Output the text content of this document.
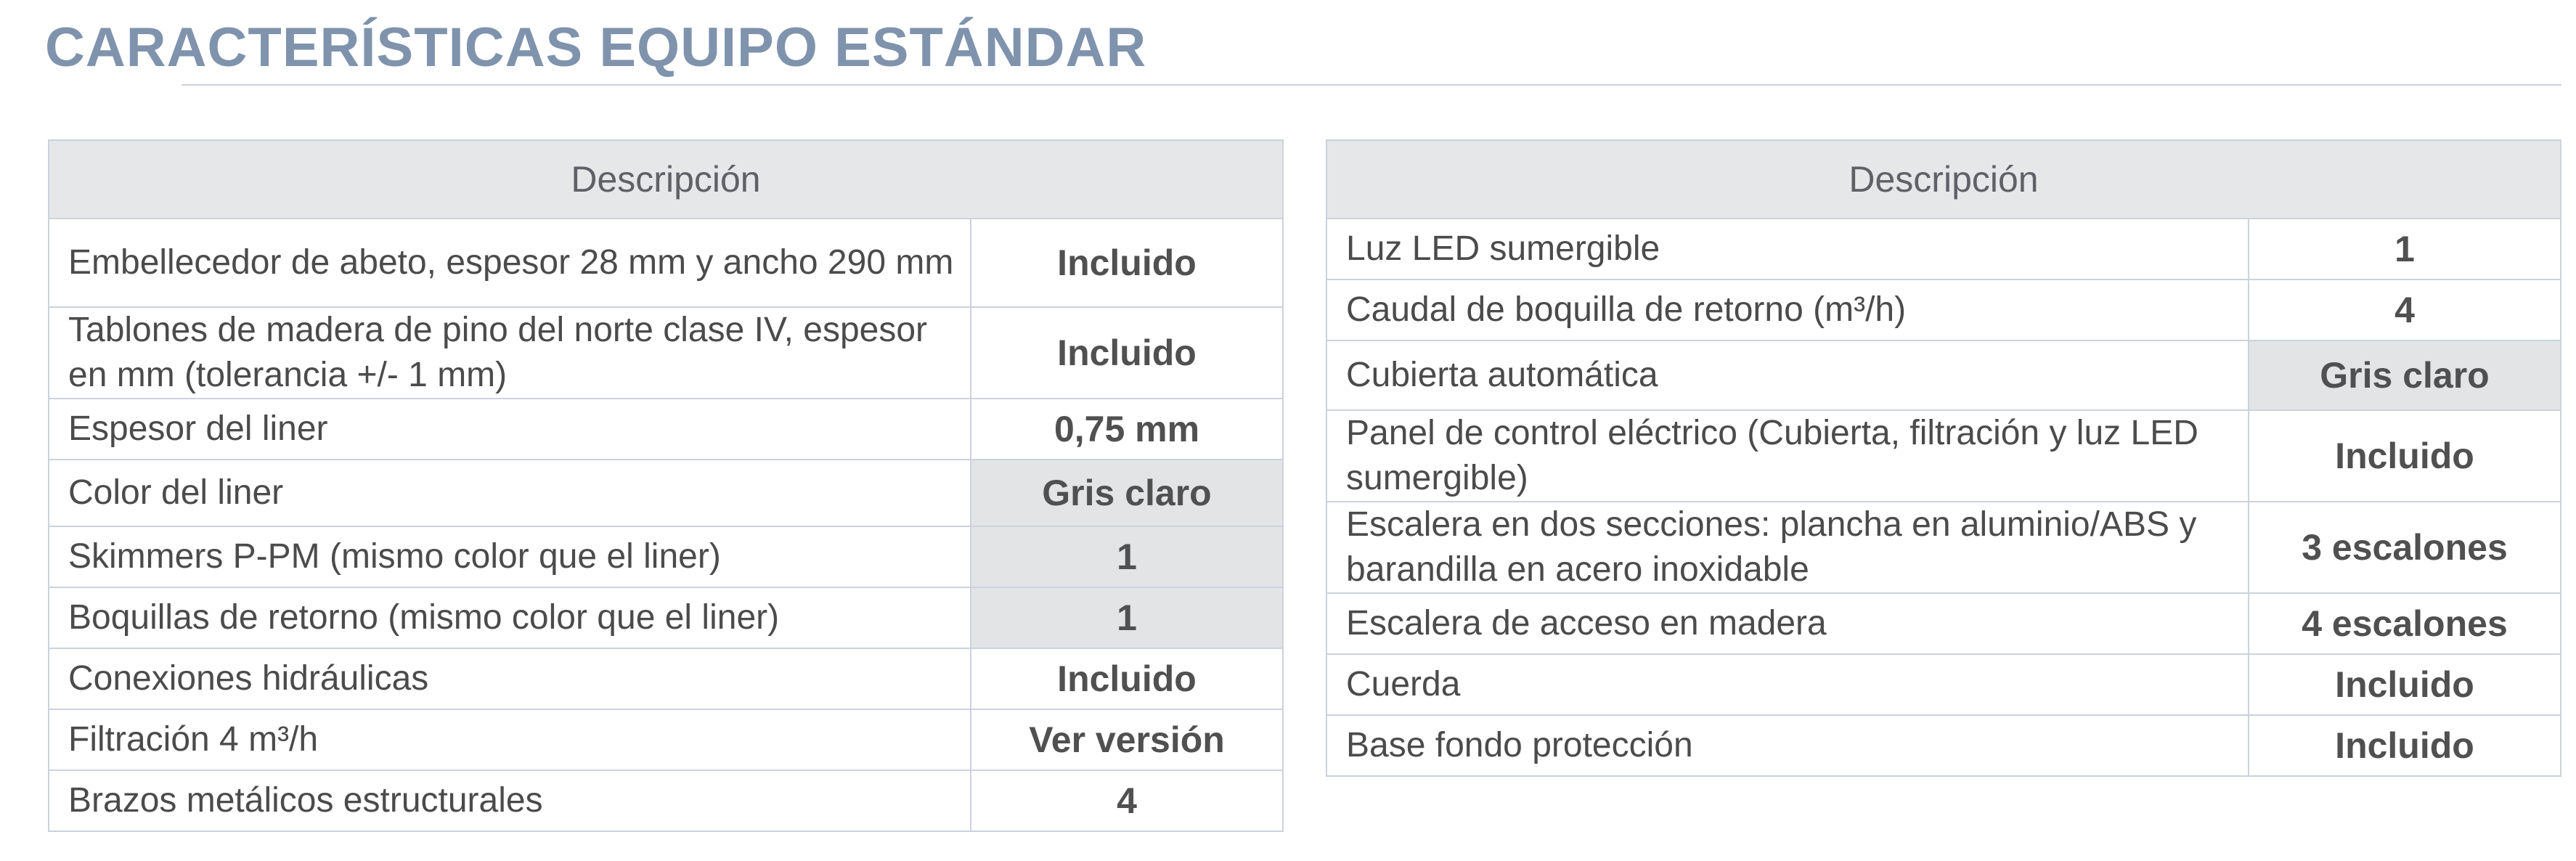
CARACTERÍSTICAS EQUIPO ESTÁNDAR
Descripción	
Embellecedor de abeto, espesor 28 mm y ancho 290 mm	Incluido
Tablones de madera de pino del norte clase IV, espesor en mm (tolerancia +/- 1 mm)	Incluido
Espesor del liner	0,75 mm
Color del liner	Gris claro
Skimmers P-PM (mismo color que el liner)	1
Boquillas de retorno (mismo color que el liner)	1
Conexiones hidráulicas	Incluido
Filtración 4 m³/h	Ver versión
Brazos metálicos estructurales	4
Descripción	
Luz LED sumergible	1
Caudal de boquilla de retorno (m³/h)	4
Cubierta automática	Gris claro
Panel de control eléctrico (Cubierta, filtración y luz LED sumergible)	Incluido
Escalera en dos secciones: plancha en aluminio/ABS y barandilla en acero inoxidable	3 escalones
Escalera de acceso en madera	4 escalones
Cuerda	Incluido
Base fondo protección	Incluido
